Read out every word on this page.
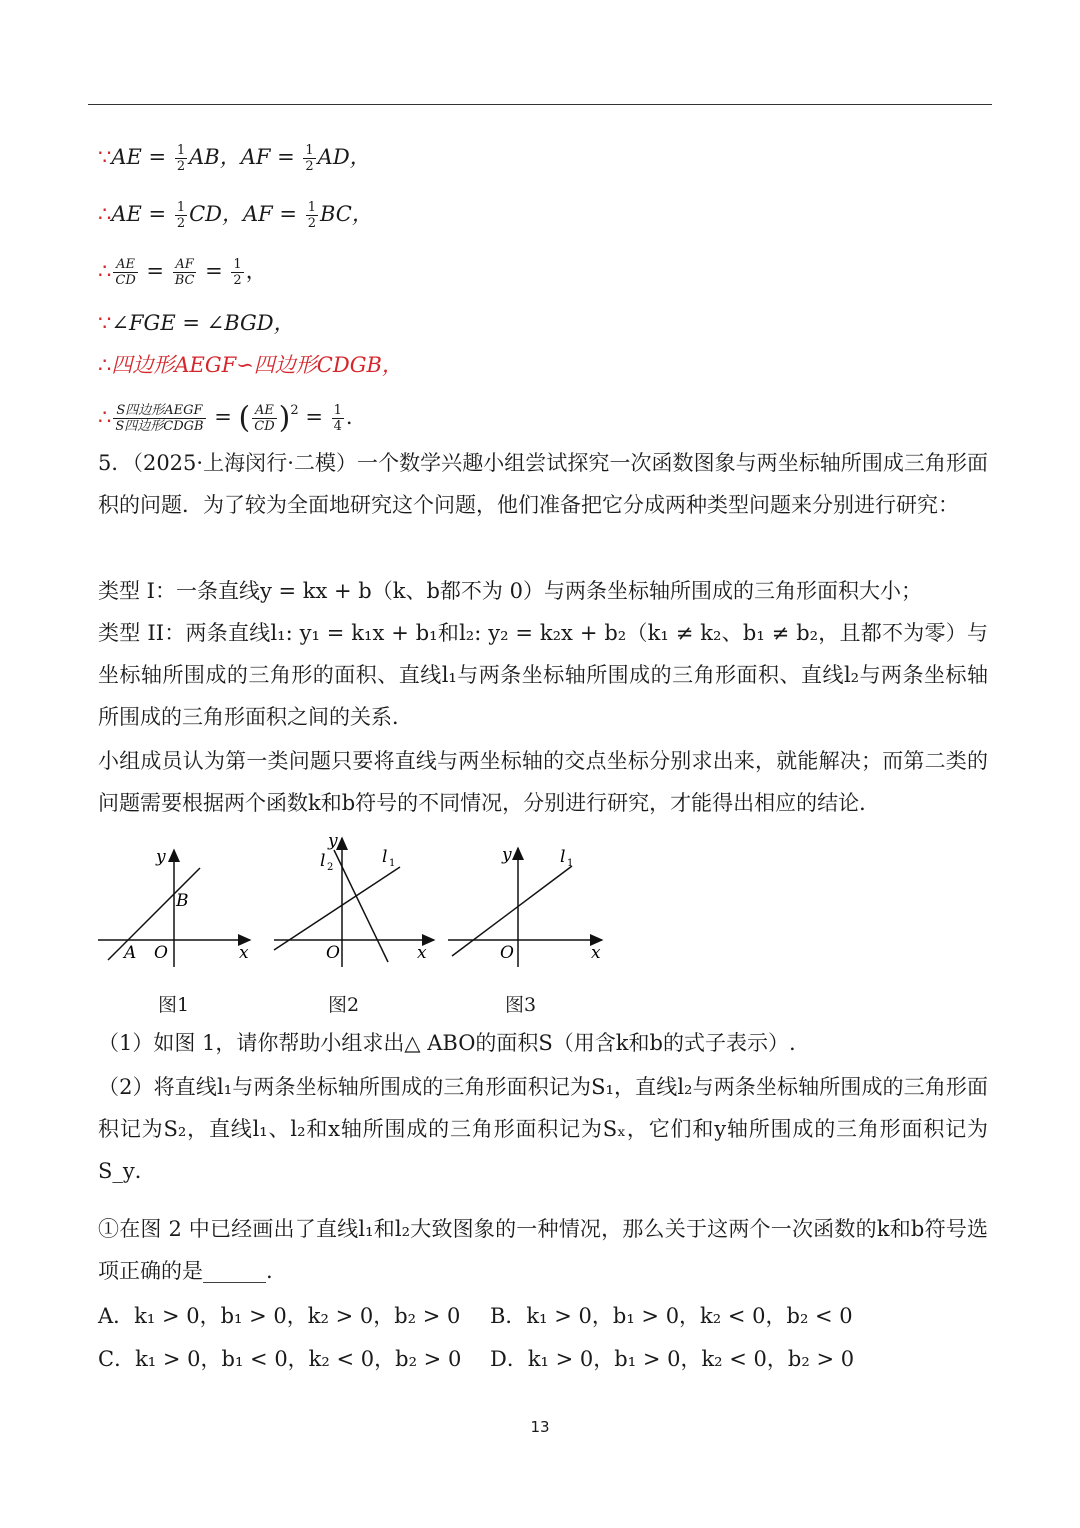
∵AE = $\frac{1}{2}$ AB，AF = $\frac{1}{2}$ AD，
∴AE = $\frac{1}{2}$ CD，AF = $\frac{1}{2}$ BC，
∴ $\frac{AE}{CD} = \frac{AF}{BC} = \frac{1}{2}$ ，
∵∠FGE = ∠BGD，
∴四边形AEGF∽四边形CDGB，
∴ $\frac{\text{S四边形AEGF}}{\text{S四边形CDGB}}$ = ( $\frac{AE}{CD} )^2 = \frac{1}{4}$ .
5．（2025·上海闵行·二模）一个数学兴趣小组尝试探究一次函数图象与两坐标轴所围成三角形面积的问题．为了较为全面地研究这个问题，他们准备把它分成两种类型问题来分别进行研究：
类型 I：一条直线y = kx + b（k、b都不为 0）与两条坐标轴所围成的三角形面积大小；
类型 II：两条直线l₁: y₁ = k₁x + b₁和l₂: y₂ = k₂x + b₂（k₁ ≠ k₂、b₁ ≠ b₂，且都不为零）与坐标轴所围成的三角形的面积、直线l₁与两条坐标轴所围成的三角形面积、直线l₂与两条坐标轴所围成的三角形面积之间的关系．
小组成员认为第一类问题只要将直线与两坐标轴的交点坐标分别求出来，就能解决；而第二类的问题需要根据两个函数k和b符号的不同情况，分别进行研究，才能得出相应的结论．
y
x
O
A
B
图1
y
x
O
l 1
l 2
图2
y
x
O
l 1
图3
（1）如图 1，请你帮助小组求出△ ABO的面积S（用含k和b的式子表示）.
（2）将直线l₁与两条坐标轴所围成的三角形面积记为S₁，直线l₂与两条坐标轴所围成的三角形面积记为S₂，直线l₁、l₂和x轴所围成的三角形面积记为Sₓ，它们和y轴所围成的三角形面积记为S_y．
①在图 2 中已经画出了直线l₁和l₂大致图象的一种情况，那么关于这两个一次函数的k和b符号选项正确的是______.
A．k₁ > 0，b₁ > 0，k₂ > 0，b₂ > 0 B．k₁ > 0，b₁ > 0，k₂ < 0，b₂ < 0
C．k₁ > 0，b₁ < 0，k₂ < 0，b₂ > 0 D．k₁ > 0，b₁ > 0，k₂ < 0，b₂ > 0
13
